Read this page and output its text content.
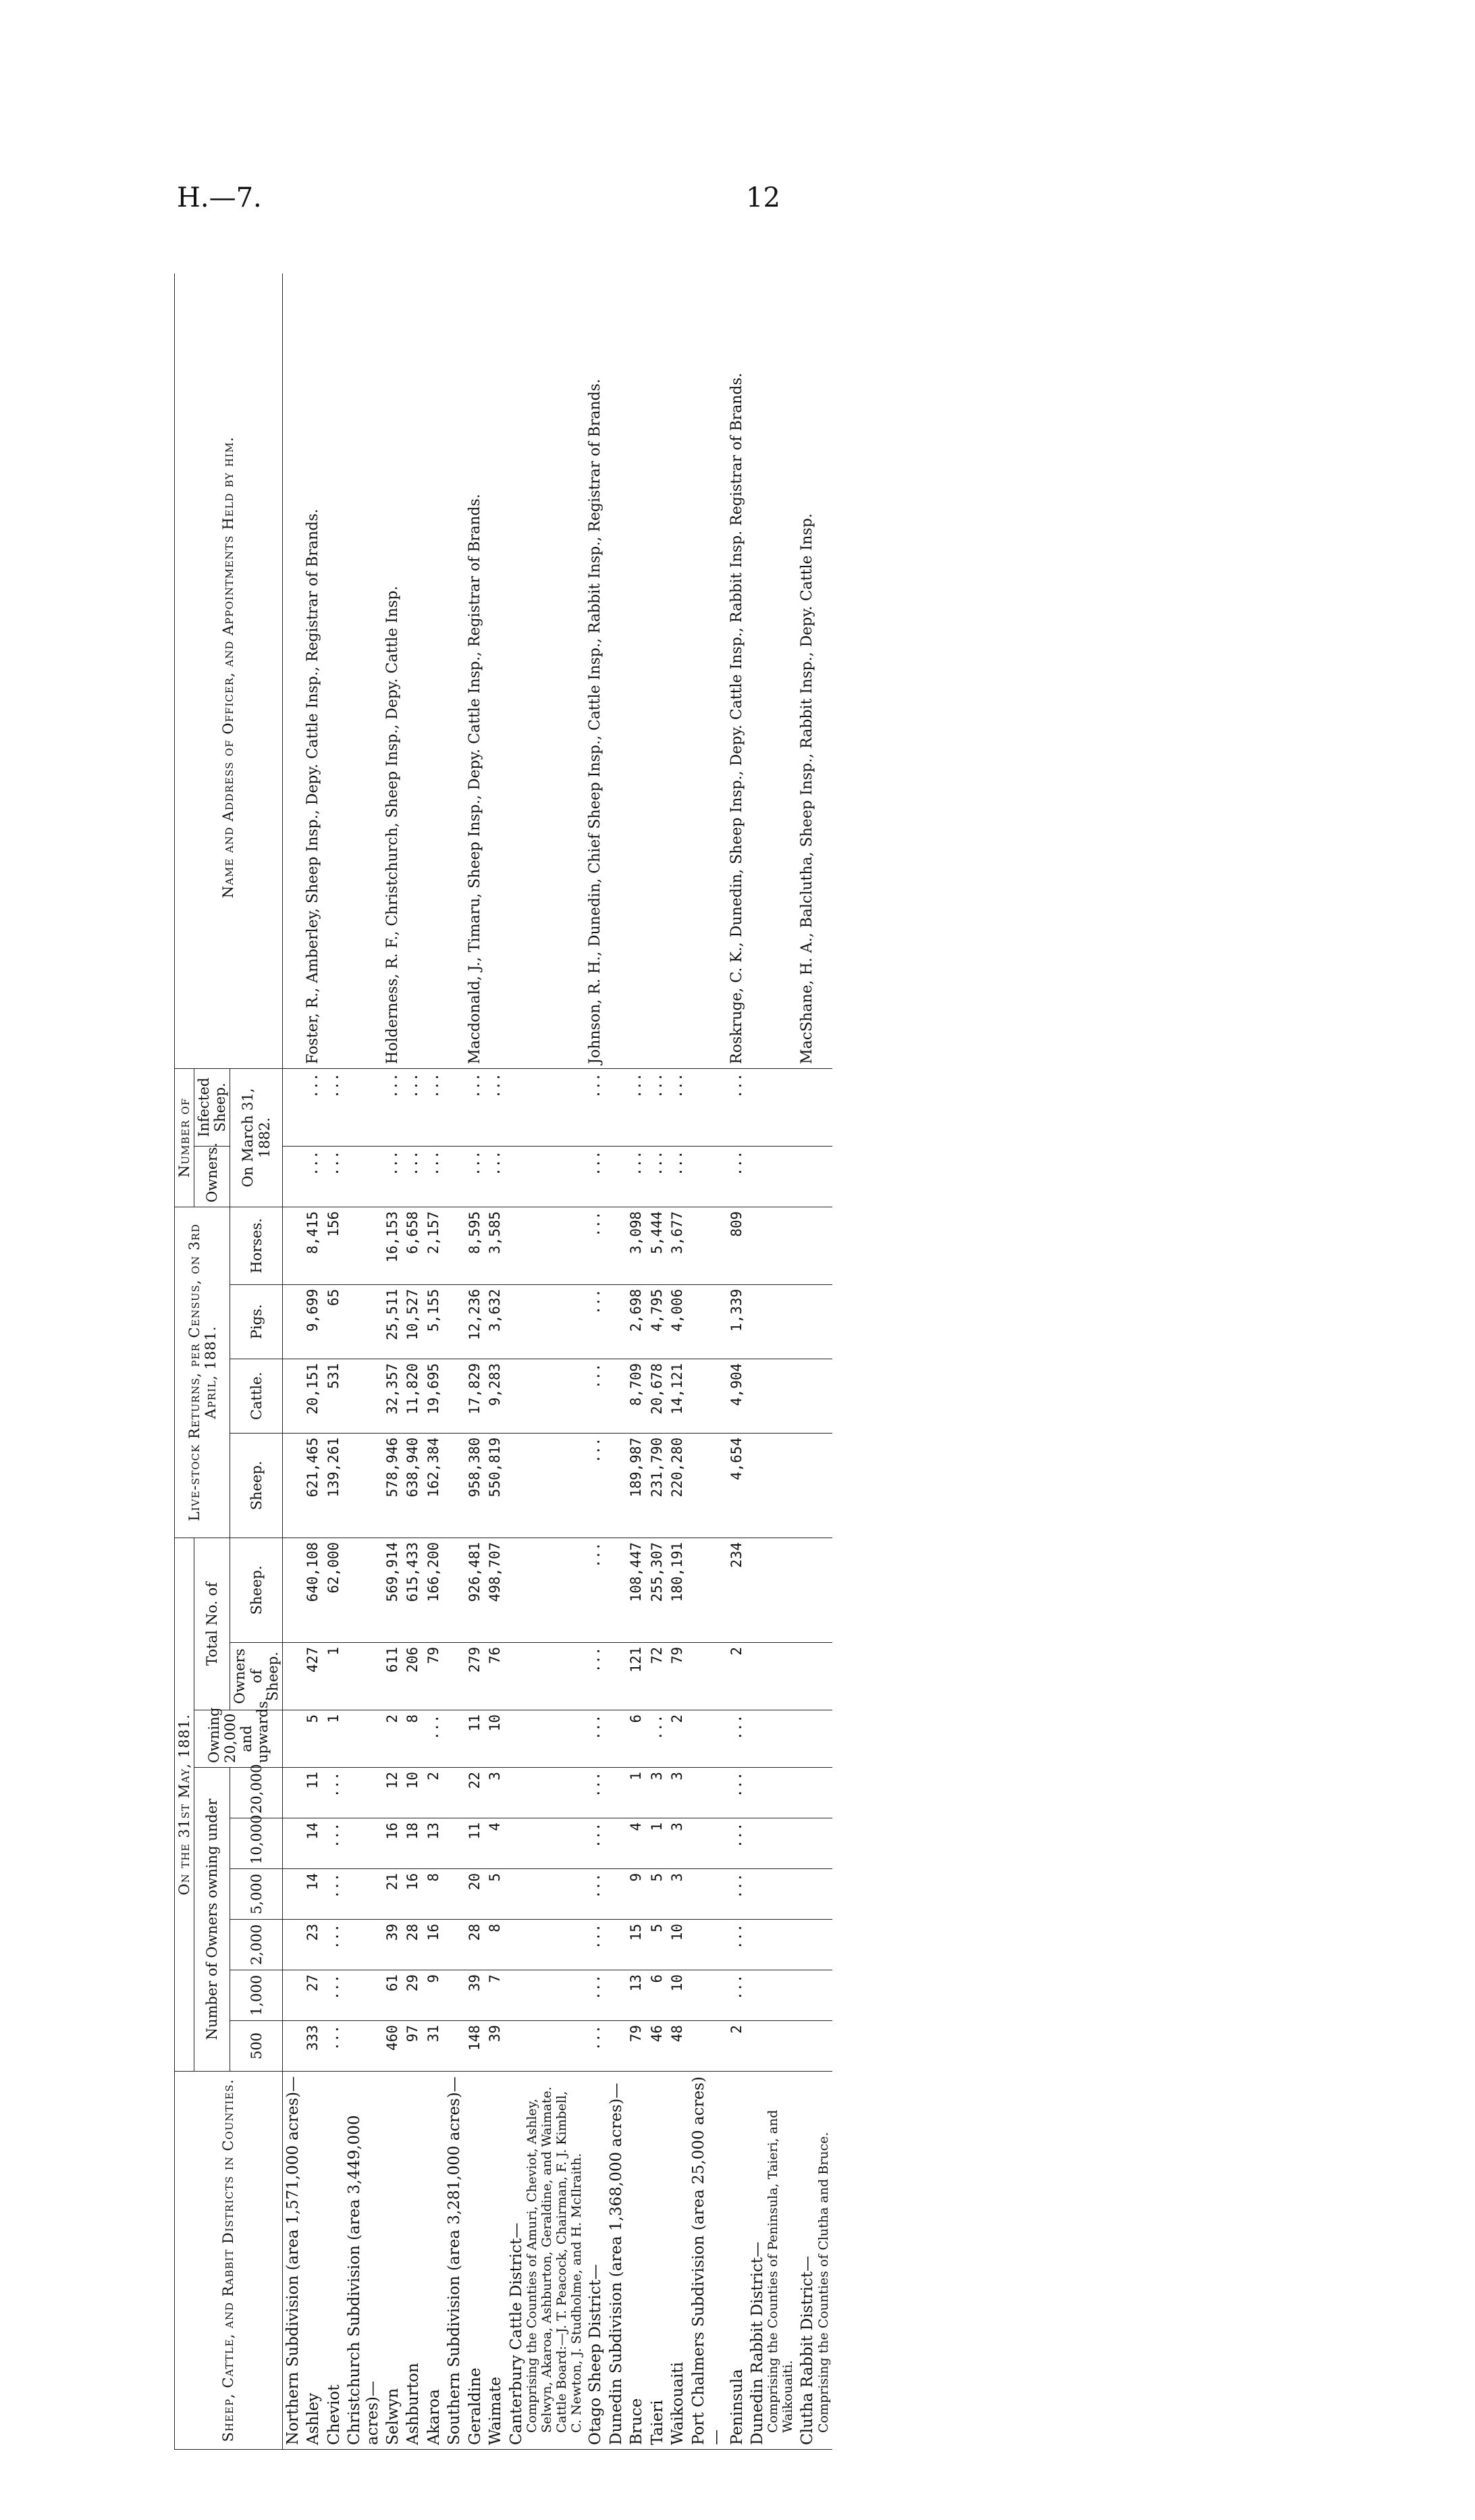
H.—7.	12
Sheep, Cattle, and Rabbit Districts in Counties.	On the 31st May, 1881.									Live-stock Returns, per Census, on 3rd April, 1881.				Number of		Name and Address of Officer, and Appointments Held by him.
	Number of Owners owning under						Owning 20,000 and upwards.	Total No. of						Owners.	Infected Sheep.	
	500	1,000	2,000	5,000	10,000	20,000		Owners of Sheep.	Sheep.	Sheep.	Cattle.	Pigs.	Horses.	On March 31, 1882.		
Northern Subdivision (area 1,571,000 acres)—																
Ashley	333	27	23	14	14	11	5	427	640,108	621,465	20,151	9,699	8,415	...	...	Foster, R., Amberley, Sheep Insp., Depy. Cattle Insp., Registrar of Brands.
Cheviot	...	...	...	...	...	...	1	1	62,000	139,261	531	65	156	...	...	
Christchurch Subdivision (area 3,449,000 acres)—																
Selwyn	460	61	39	21	16	12	2	611	569,914	578,946	32,357	25,511	16,153	...	...	Holderness, R. F., Christchurch, Sheep Insp., Depy. Cattle Insp.
Ashburton	97	29	28	16	18	10	8	206	615,433	638,940	11,820	10,527	6,658	...	...	
Akaroa	31	9	16	8	13	2	...	79	166,200	162,384	19,695	5,155	2,157	...	...	
Southern Subdivision (area 3,281,000 acres)—																
Geraldine	148	39	28	20	11	22	11	279	926,481	958,380	17,829	12,236	8,595	...	...	Macdonald, J., Timaru, Sheep Insp., Depy. Cattle Insp., Registrar of Brands.
Waimate	39	7	8	5	4	3	10	76	498,707	550,819	9,283	3,632	3,585	...	...	
Canterbury Cattle District— Comprising the Counties of Amuri, Cheviot, Ashley, Selwyn, Akaroa, Ashburton, Geraldine, and Waimate. Cattle Board:—J. T. Peacock, Chairman, F. J. Kimbell, C. Newton, J. Studholme, and H. McIlraith.																

Otago Sheep District—	...	...	...	...	...	...	...	...	...	...	...	...	...	...	...	Johnson, R. H., Dunedin, Chief Sheep Insp., Cattle Insp., Rabbit Insp., Registrar of Brands.
Dunedin Subdivision (area 1,368,000 acres)—																
Bruce	79	13	15	9	4	1	6	121	108,447	189,987	8,709	2,698	3,098	...	...	
Taieri	46	6	5	5	1	3	...	72	255,307	231,790	20,678	4,795	5,444	...	...	
Waikouaiti	48	10	10	3	3	3	2	79	180,191	220,280	14,121	4,006	3,677	...	...	
Port Chalmers Subdivision (area 25,000 acres)—																
Peninsula	2	...	...	...	...	...	...	2	234	4,654	4,904	1,339	809	...	...	Roskruge, C. K., Dunedin, Sheep Insp., Depy. Cattle Insp., Rabbit Insp. Registrar of Brands.
Dunedin Rabbit District— Comprising the Counties of Peninsula, Taieri, and Waikouaiti.																

Clutha Rabbit District— Comprising the Counties of Clutha and Bruce.																MacShane, H. A., Balclutha, Sheep Insp., Rabbit Insp., Depy. Cattle Insp.
